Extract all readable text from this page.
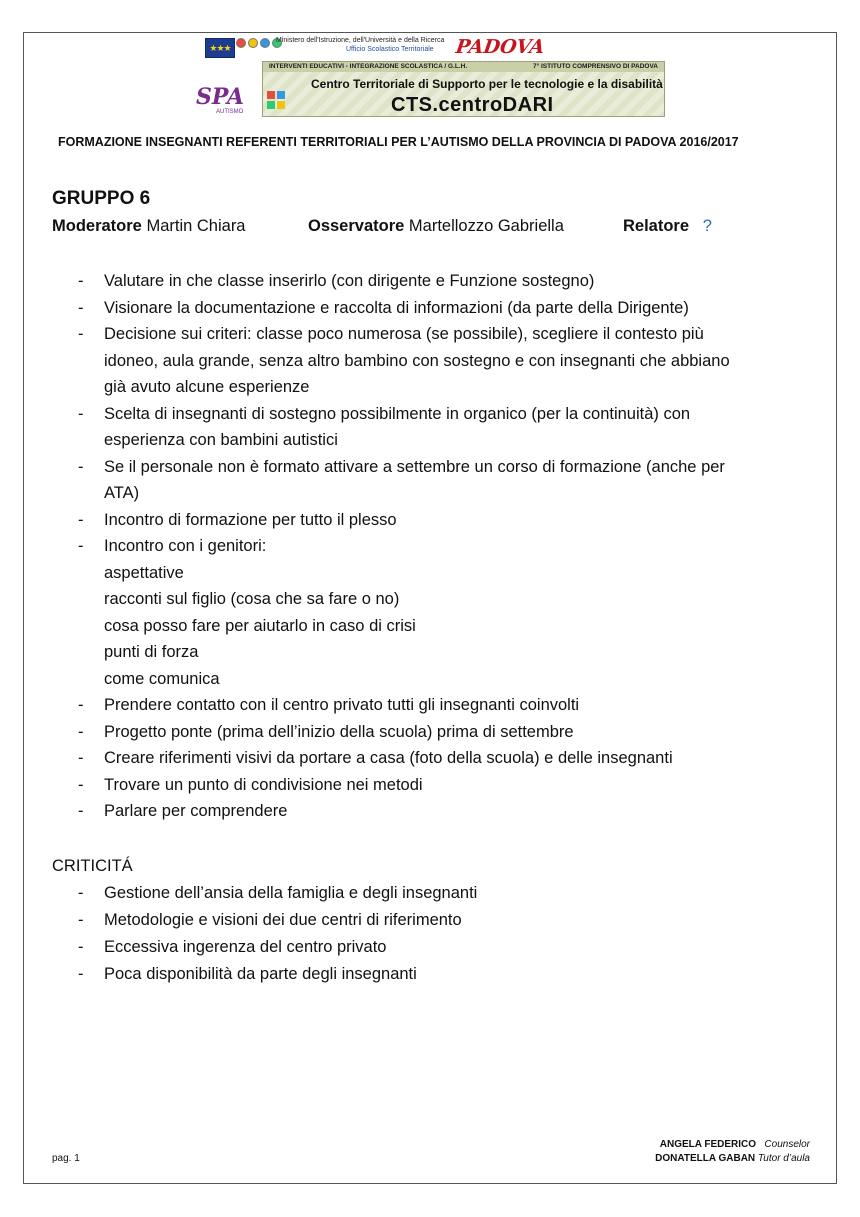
★★★
Ministero dell'Istruzione, dell'Università e della Ricerca
Ufficio Scolastico Territoriale	PADOVA
INTERVENTI EDUCATIVI - INTEGRAZIONE SCOLASTICA / G.L.H.	7° ISTITUTO COMPRENSIVO DI PADOVA
Centro Territoriale di Supporto per le tecnologie e la disabilità
CTS.centroDARI
SPA
AUTISMO
FORMAZIONE INSEGNANTI REFERENTI TERRITORIALI PER L’AUTISMO DELLA PROVINCIA DI PADOVA 2016/2017
GRUPPO 6
Moderatore Martin Chiara	Osservatore Martellozzo Gabriella	Relatore ?
- Valutare in che classe inserirlo (con dirigente e Funzione sostegno)
- Visionare la documentazione e raccolta di informazioni (da parte della Dirigente)
- Decisione sui criteri: classe poco numerosa (se possibile), scegliere il contesto più
idoneo, aula grande, senza altro bambino con sostegno e con insegnanti che abbiano
già avuto alcune esperienze
- Scelta di insegnanti di sostegno possibilmente in organico (per la continuità) con
esperienza con bambini autistici
- Se il personale non è formato attivare a settembre un corso di formazione (anche per
ATA)
- Incontro di formazione per tutto il plesso
- Incontro con i genitori:
aspettative
racconti sul figlio (cosa che sa fare o no)
cosa posso fare per aiutarlo in caso di crisi
punti di forza
come comunica
- Prendere contatto con il centro privato tutti gli insegnanti coinvolti
- Progetto ponte (prima dell’inizio della scuola) prima di settembre
- Creare riferimenti visivi da portare a casa (foto della scuola) e delle insegnanti
- Trovare un punto di condivisione nei metodi
- Parlare per comprendere
CRITICITÁ
- Gestione dell’ansia della famiglia e degli insegnanti
- Metodologie e visioni dei due centri di riferimento
- Eccessiva ingerenza del centro privato
- Poca disponibilità da parte degli insegnanti
pag. 1
ANGELA FEDERICO Counselor
DONATELLA GABAN Tutor d’aula
